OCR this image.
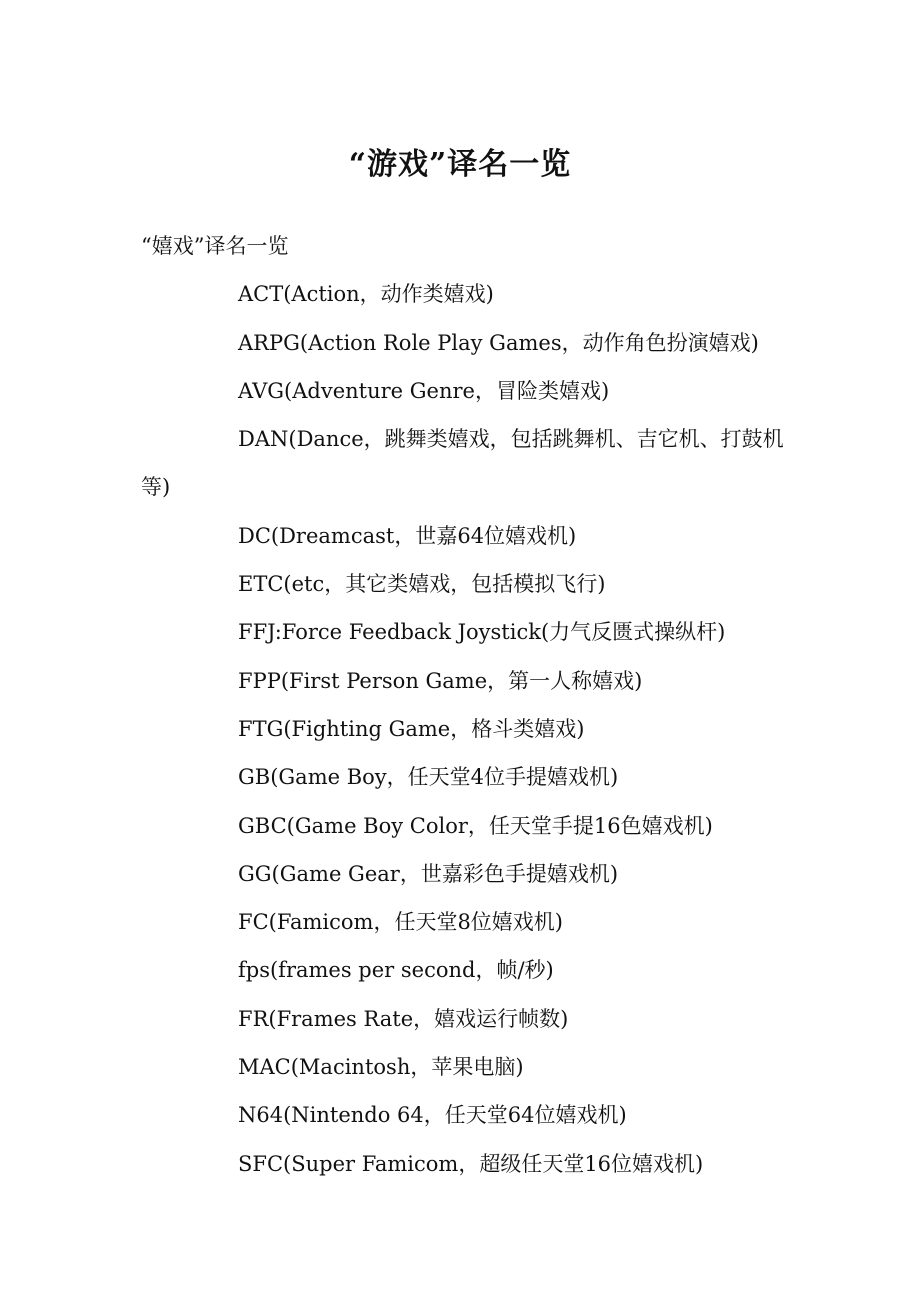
“游戏”译名一览

“嬉戏”译名一览

ACT(Action，动作类嬉戏)

ARPG(Action Role Play Games，动作角色扮演嬉戏)

AVG(Adventure Genre，冒险类嬉戏)

DAN(Dance，跳舞类嬉戏，包括跳舞机、吉它机、打鼓机等)

DC(Dreamcast，世嘉64位嬉戏机)

ETC(etc，其它类嬉戏，包括模拟飞行)

FFJ:Force Feedback Joystick(力气反匮式操纵杆)

FPP(First Person Game，第一人称嬉戏)

FTG(Fighting Game，格斗类嬉戏)

GB(Game Boy，任天堂4位手提嬉戏机)

GBC(Game Boy Color，任天堂手提16色嬉戏机)

GG(Game Gear，世嘉彩色手提嬉戏机)

FC(Famicom，任天堂8位嬉戏机)

fps(frames per second，帧/秒)

FR(Frames Rate，嬉戏运行帧数)

MAC(Macintosh，苹果电脑)

N64(Nintendo 64，任天堂64位嬉戏机)

SFC(Super Famicom，超级任天堂16位嬉戏机)
